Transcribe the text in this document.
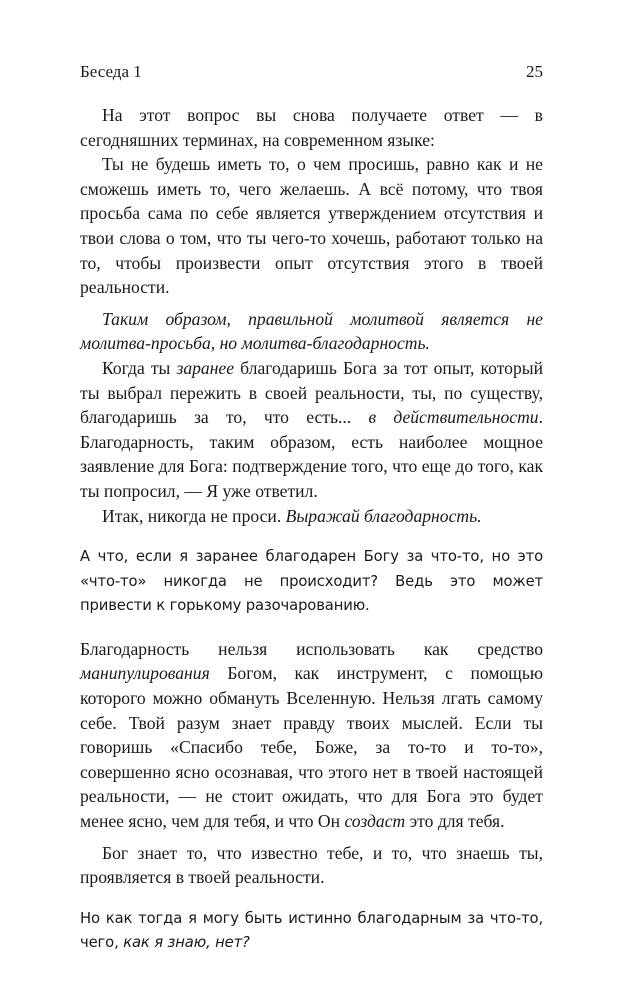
Беседа 1	25

На этот вопрос вы снова получаете ответ — в сегодняшних терминах, на современном языке:

Ты не будешь иметь то, о чем просишь, равно как и не сможешь иметь то, чего желаешь. А всё потому, что твоя просьба сама по себе является утверждением отсутствия и твои слова о том, что ты чего-то хочешь, работают только на то, чтобы произвести опыт отсутствия этого в твоей реальности.

Таким образом, правильной молитвой является не молитва-просьба, но молитва-благодарность.

Когда ты заранее благодаришь Бога за тот опыт, который ты выбрал пережить в своей реальности, ты, по существу, благодаришь за то, что есть... в действительности. Благодарность, таким образом, есть наиболее мощное заявление для Бога: подтверждение того, что еще до того, как ты попросил, — Я уже ответил.

Итак, никогда не проси. Выражай благодарность.

А что, если я заранее благодарен Богу за что-то, но это «что-то» никогда не происходит? Ведь это может привести к горькому разочарованию.

Благодарность нельзя использовать как средство манипулирования Богом, как инструмент, с помощью которого можно обмануть Вселенную. Нельзя лгать самому себе. Твой разум знает правду твоих мыслей. Если ты говоришь «Спасибо тебе, Боже, за то-то и то-то», совершенно ясно осознавая, что этого нет в твоей настоящей реальности, — не стоит ожидать, что для Бога это будет менее ясно, чем для тебя, и что Он создаст это для тебя.

Бог знает то, что известно тебе, и то, что знаешь ты, проявляется в твоей реальности.

Но как тогда я могу быть истинно благодарным за что-то, чего, как я знаю, нет?
